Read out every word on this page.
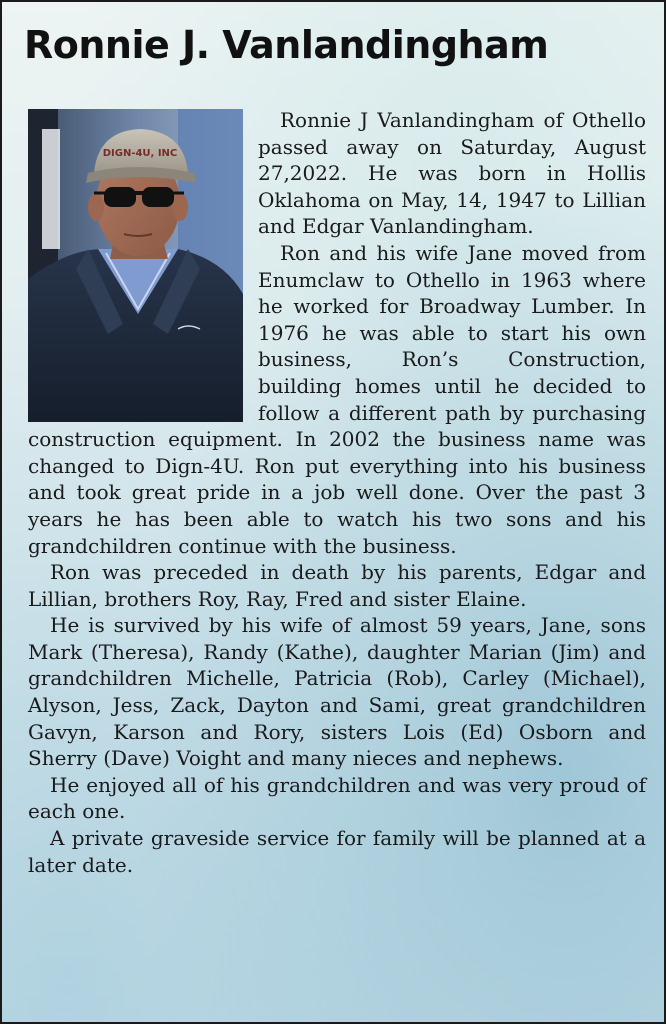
Ronnie J. Vanlandingham
DIGN-4U, INC

Ronnie J Vanlandingham of Othello passed away on Saturday, August 27,2022. He was born in Hollis Oklahoma on May, 14, 1947 to Lillian and Edgar Vanlandingham.

Ron and his wife Jane moved from Enumclaw to Othello in 1963 where he worked for Broadway Lumber. In 1976 he was able to start his own business, Ron’s Construction, building homes until he decided to follow a different path by purchasing construction equipment. In 2002 the business name was changed to Dign-4U. Ron put everything into his business and took great pride in a job well done. Over the past 3 years he has been able to watch his two sons and his grandchildren continue with the business.

Ron was preceded in death by his parents, Edgar and Lillian, brothers Roy, Ray, Fred and sister Elaine.

He is survived by his wife of almost 59 years, Jane, sons Mark (Theresa), Randy (Kathe), daughter Marian (Jim) and grandchildren Michelle, Patricia (Rob), Carley (Michael), Alyson, Jess, Zack, Dayton and Sami, great grandchildren Gavyn, Karson and Rory, sisters Lois (Ed) Osborn and Sherry (Dave) Voight and many nieces and nephews.

He enjoyed all of his grandchildren and was very proud of each one.

A private graveside service for family will be planned at a later date.
